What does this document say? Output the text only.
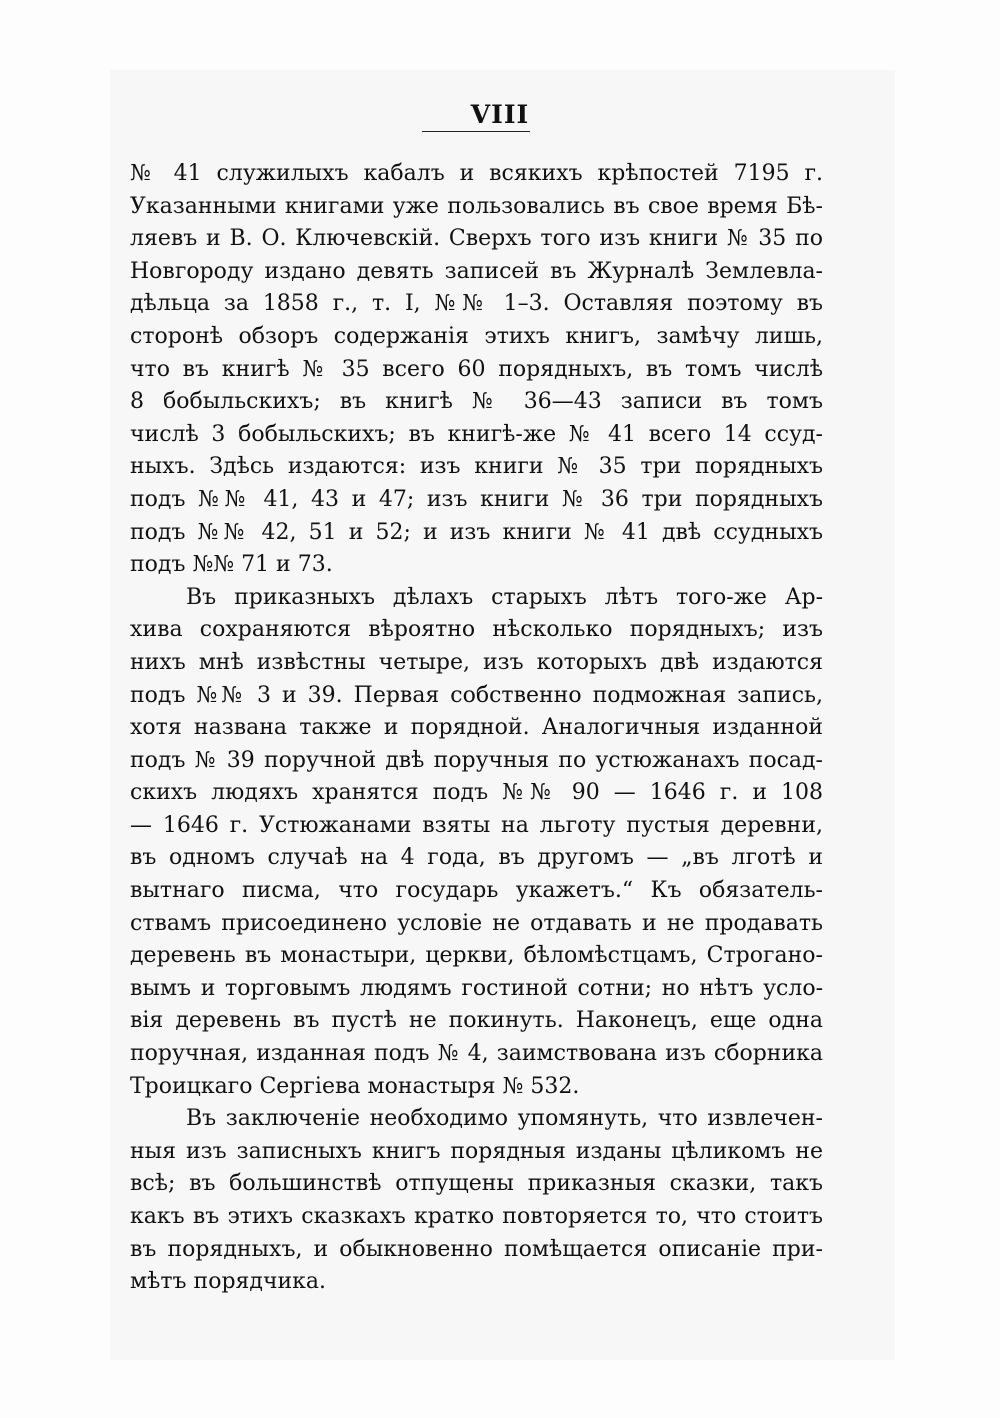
VIII
№ 41 служилыхъ кабалъ и всякихъ крѣпостей 7195 г.
Указанными книгами уже пользовались въ свое время Бѣ-
ляевъ и В. О. Ключевскій. Сверхъ того изъ книги № 35 по
Новгороду издано девять записей въ Журналѣ Землевла-
дѣльца за 1858 г., т. I, №№ 1–3. Оставляя поэтому въ
сторонѣ обзоръ содержанія этихъ книгъ, замѣчу лишь,
что въ книгѣ № 35 всего 60 порядныхъ, въ томъ числѣ
8 бобыльскихъ; въ книгѣ № 36—43 записи въ томъ
числѣ 3 бобыльскихъ; въ книгѣ-же № 41 всего 14 ссуд-
ныхъ. Здѣсь издаются: изъ книги № 35 три порядныхъ
подъ №№ 41, 43 и 47; изъ книги № 36 три порядныхъ
подъ №№ 42, 51 и 52; и изъ книги № 41 двѣ ссудныхъ
подъ №№ 71 и 73.
Въ приказныхъ дѣлахъ старыхъ лѣтъ того-же Ар-
хива сохраняются вѣроятно нѣсколько порядныхъ; изъ
нихъ мнѣ извѣстны четыре, изъ которыхъ двѣ издаются
подъ №№ 3 и 39. Первая собственно подможная запись,
хотя названа также и порядной. Аналогичныя изданной
подъ № 39 поручной двѣ поручныя по устюжанахъ посад-
скихъ людяхъ хранятся подъ №№ 90 — 1646 г. и 108
— 1646 г. Устюжанами взяты на льготу пустыя деревни,
въ одномъ случаѣ на 4 года, въ другомъ — „въ лготѣ и
вытнаго писма, что государь укажетъ.“ Къ обязатель-
ствамъ присоединено условіе не отдавать и не продавать
деревень въ монастыри, церкви, бѣломѣстцамъ, Строгано-
вымъ и торговымъ людямъ гостиной сотни; но нѣтъ усло-
вія деревень въ пустѣ не покинуть. Наконецъ, еще одна
поручная, изданная подъ № 4, заимствована изъ сборника
Троицкаго Сергіева монастыря № 532.
Въ заключеніе необходимо упомянуть, что извлечен-
ныя изъ записныхъ книгъ порядныя изданы цѣликомъ не
всѣ; въ большинствѣ отпущены приказныя сказки, такъ
какъ въ этихъ сказкахъ кратко повторяется то, что стоитъ
въ порядныхъ, и обыкновенно помѣщается описаніе при-
мѣтъ порядчика.
